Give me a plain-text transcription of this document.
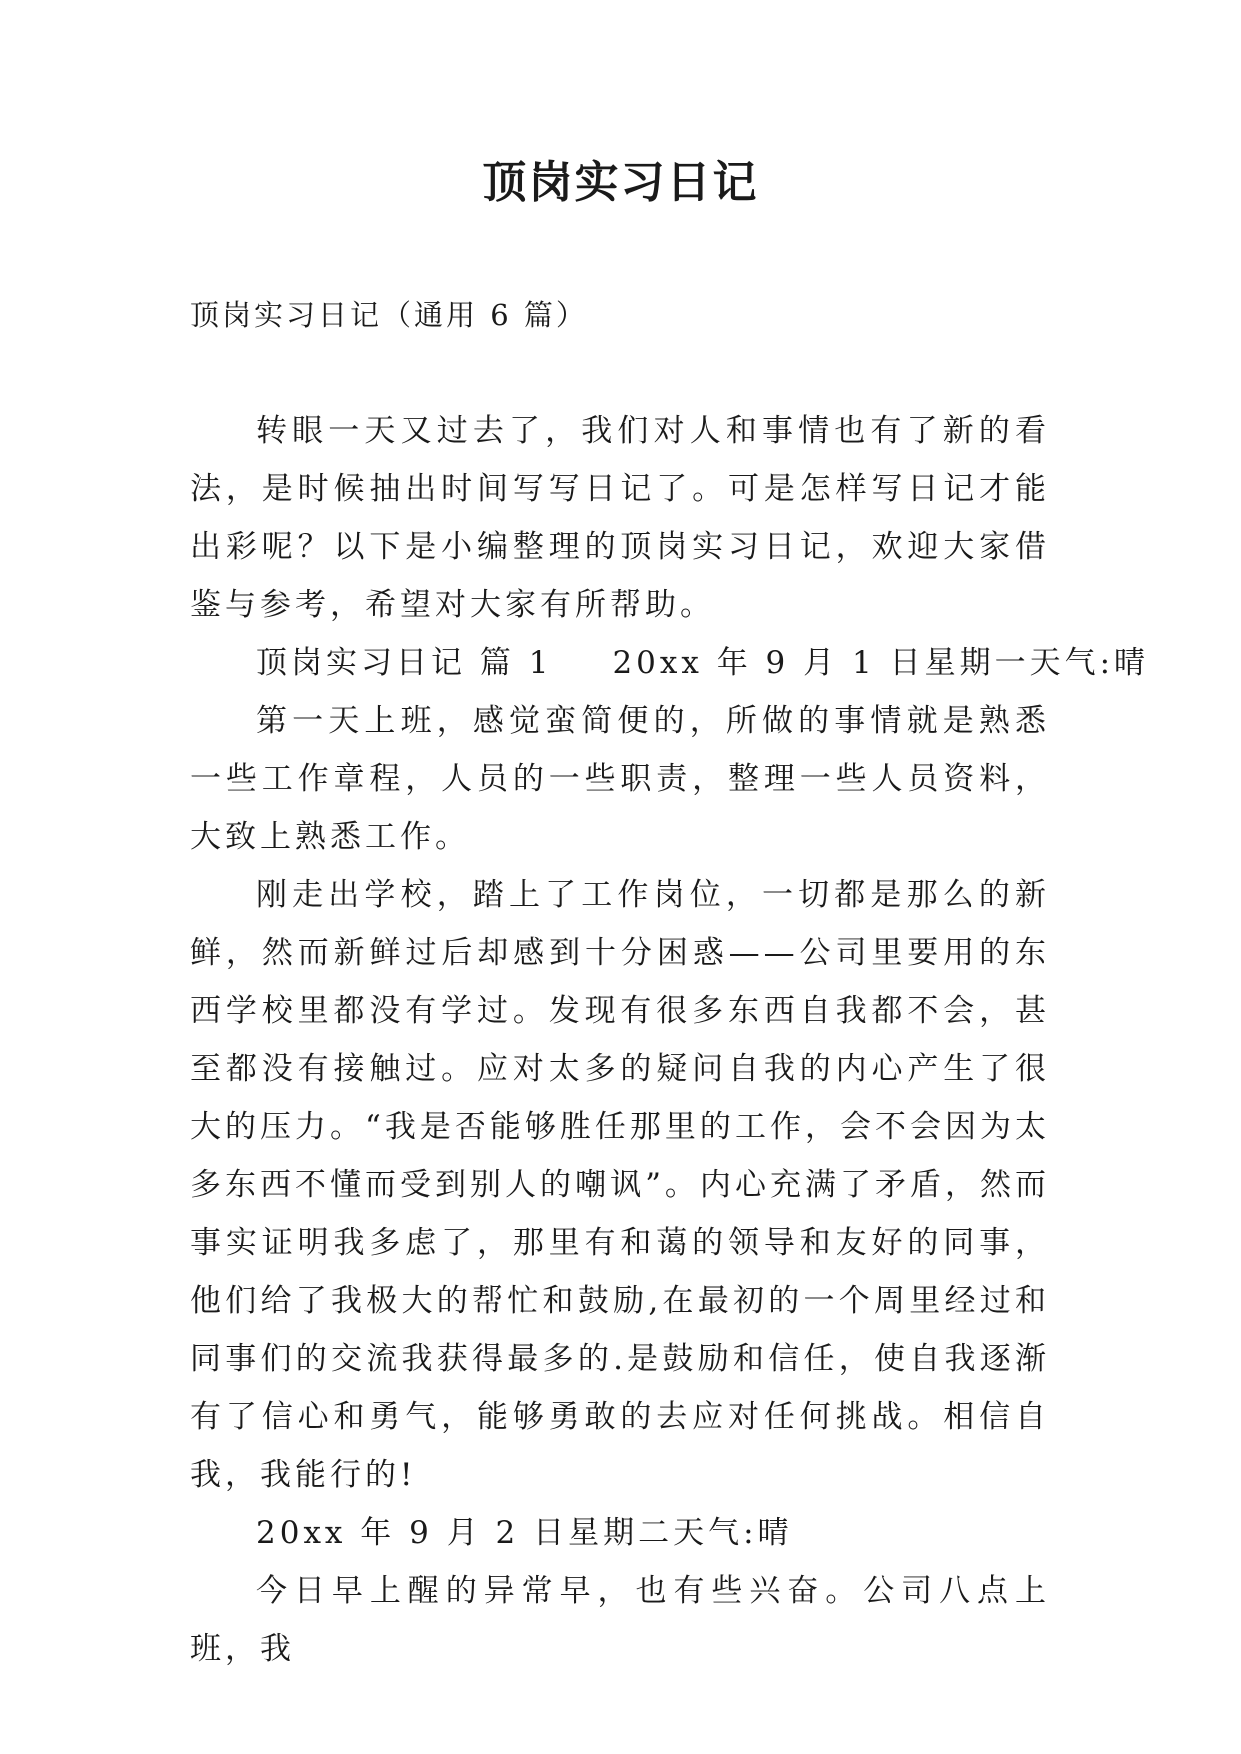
顶岗实习日记
顶岗实习日记（通用 6 篇）

转眼一天又过去了，我们对人和事情也有了新的看法，是时候抽出时间写写日记了。可是怎样写日记才能出彩呢？以下是小编整理的顶岗实习日记，欢迎大家借鉴与参考，希望对大家有所帮助。

顶岗实习日记 篇 1 20xx 年 9 月 1 日星期一天气:晴

第一天上班，感觉蛮简便的，所做的事情就是熟悉一些工作章程，人员的一些职责，整理一些人员资料，大致上熟悉工作。

刚走出学校，踏上了工作岗位，一切都是那么的新鲜，然而新鲜过后却感到十分困惑——公司里要用的东西学校里都没有学过。发现有很多东西自我都不会，甚至都没有接触过。应对太多的疑问自我的内心产生了很大的压力。“我是否能够胜任那里的工作，会不会因为太多东西不懂而受到别人的嘲讽”。内心充满了矛盾，然而事实证明我多虑了，那里有和蔼的领导和友好的同事，他们给了我极大的帮忙和鼓励,在最初的一个周里经过和同事们的交流我获得最多的.是鼓励和信任，使自我逐渐有了信心和勇气，能够勇敢的去应对任何挑战。相信自我，我能行的!

20xx 年 9 月 2 日星期二天气:晴

今日早上醒的异常早，也有些兴奋。公司八点上班，我
